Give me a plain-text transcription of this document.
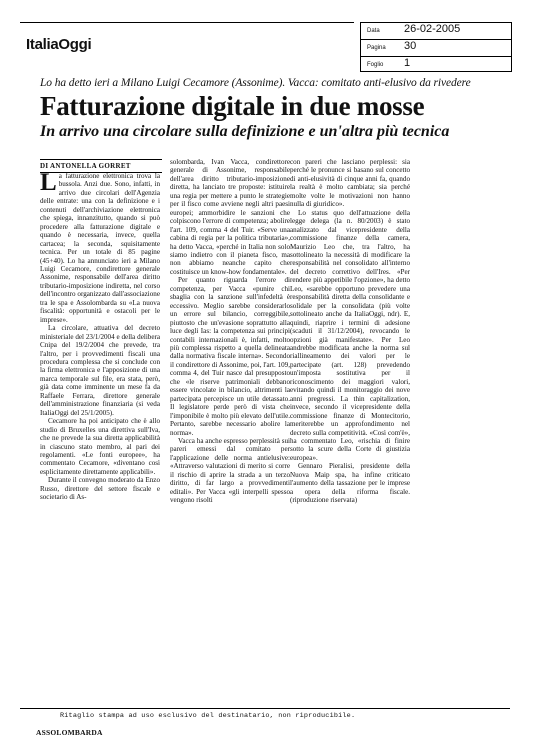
ItaliaOggi
Data	26-02-2005
Pagina	30
Foglio	1
Lo ha detto ieri a Milano Luigi Cecamore (Assonime). Vacca: comitato anti-elusivo da rivedere
Fatturazione digitale in due mosse
In arrivo una circolare sulla definizione e un'altra più tecnica
DI ANTONELLA GORRET

L a fatturazione elettronica trova la bussola. Anzi due. Sono, infatti, in arrivo due circolari dell'Agenzia delle entrate: una con la definizione e i contenuti dell'archiviazione elettronica che spiega, innanzitutto, quando si può procedere alla fatturazione digitale e quando è necessaria, invece, quella cartacea; la seconda, squisitamente tecnica. Per un totale di 85 pagine (45+40). Lo ha annunciato ieri a Milano Luigi Cecamore, condirettore generale Assonime, responsabile dell'area diritto tributario-imposizione indiretta, nel corso dell'incontro organizzato dall'associazione tra le spa e Assolombarda su «La nuova fiscalità: opportunità e ostacoli per le imprese».

La circolare, attuativa del decreto ministeriale del 23/1/2004 e della delibera Cnipa del 19/2/2004 che prevede, tra l'altro, per i provvedimenti fiscali una procedura complessa che si conclude con la firma elettronica e l'apposizione di una marca temporale sul file, era stata, però, già data come imminente un mese fa da Raffaele Ferrara, direttore generale dell'amministrazione finanziaria (si veda ItaliaOggi del 25/1/2005).

Cecamore ha poi anticipato che è allo studio di Bruxelles una direttiva sull'Iva, che ne prevede la sua diretta applicabilità in ciascuno stato membro, al pari dei regolamenti. «Le fonti europee», ha commentato Cecamore, «diventano così esplicitamente direttamente applicabili».

Durante il convegno moderato da Enzo Russo, direttore del settore fiscale e societario di As-

solombarda, Ivan Vacca, condirettore generale di Assonime, responsabile dell'area diritto tributario-imposizione diretta, ha lanciato tre proposte: istituire una regia per mettere a punto le strategie per il fisco come avviene negli altri paesi europei; ammorbidire le sanzioni che colpiscono l'errore di competenza; abolire l'art. 109, comma 4 del Tuir. «Serve una cabina di regia per la politica tributaria», ha detto Vacca, «perché in Italia non solo siamo indietro con il pianeta fisco, ma non abbiamo neanche capito che costituisce un know-how fondamentale».

Per quanto riguarda l'errore di competenza, per Vacca «punire chi sbaglia con la sanzione sull'infedeltà è eccessivo. Meglio sarebbe considerarlo un errore sul bilancio, correggibile, piuttosto che un'evasione soprattutto alla luce degli Ias: la competenza sui principi contabili internazionali è, infatti, molto più complessa rispetto a quella delineata dalla normativa fiscale interna». Secondo il condirettore di Assonime, poi, l'art. 109, comma 4, del Tuir nasce dal presupposto che «le riserve patrimoniali debbano essere vincolate in bilancio, altrimenti la partecipata percepisce un utile detassato. Il legislatore perde però di vista che l'imponibile è molto più elevato dell'utile. Pertanto, sarebbe necessario abolire la norma».

Vacca ha anche espresso perplessità sui pareri emessi dal comitato per l'applicazione delle norma antielusive: «Attraverso valutazioni di merito si corre il rischio di aprire la strada a un terzo diritto, di far largo a provvedimenti editali». Per Vacca «gli interpelli spesso vengono risolti

con pareri che lasciano perplessi: sia perché le pronunce si basano sul concetto di anti-elusività di cinque anni fa, quando la realtà è molto cambiata; sia perché molte volte le motivazioni non hanno nulla di giuridico».

Lo status quo dell'attuazione della legge delega (la n. 80/2003) è stato analizzato dal vicepresidente della commissione finanze della camera, Maurizio Leo che, tra l'altro, ha sottolineato la necessità di modificare la responsabilità nel consolidato all'interno del decreto correttivo dell'Ires. «Per rendere più appetibile l'opzione», ha detto Leo, «sarebbe opportuno prevedere una responsabilità diretta della consolidante e solidale per la consolidata (più volte sottolineato anche da ItaliaOggi, ndr). E, quindi, riaprire i termini di adesione (scaduti il 31/12/2004), revocando le opzioni già manifestate». Per Leo andrebbe modificata anche la norma sul riallineamento dei valori per le partecipate (art. 128) prevedendo un'imposta sostitutiva per il riconoscimento dei maggiori valori, evitando quindi il monitoraggio dei nove anni pregressi. La thin capitalization, invece, secondo il vicepresidente della commissione finanze di Montecitorio, meriterebbe un approfondimento nel decreto sulla competitività. «Così com'è», ha commentato Leo, «rischia di finire sotto la scure della Corte di giustizia europea».

Gennaro Pieralisi, presidente della Nuova Maip spa, ha infine criticato l'aumento della tassazione per le imprese a opera della riforma fiscale. (riproduzione riservata)

Ritaglio stampa ad uso esclusivo del destinatario, non riproducibile.
ASSOLOMBARDA
